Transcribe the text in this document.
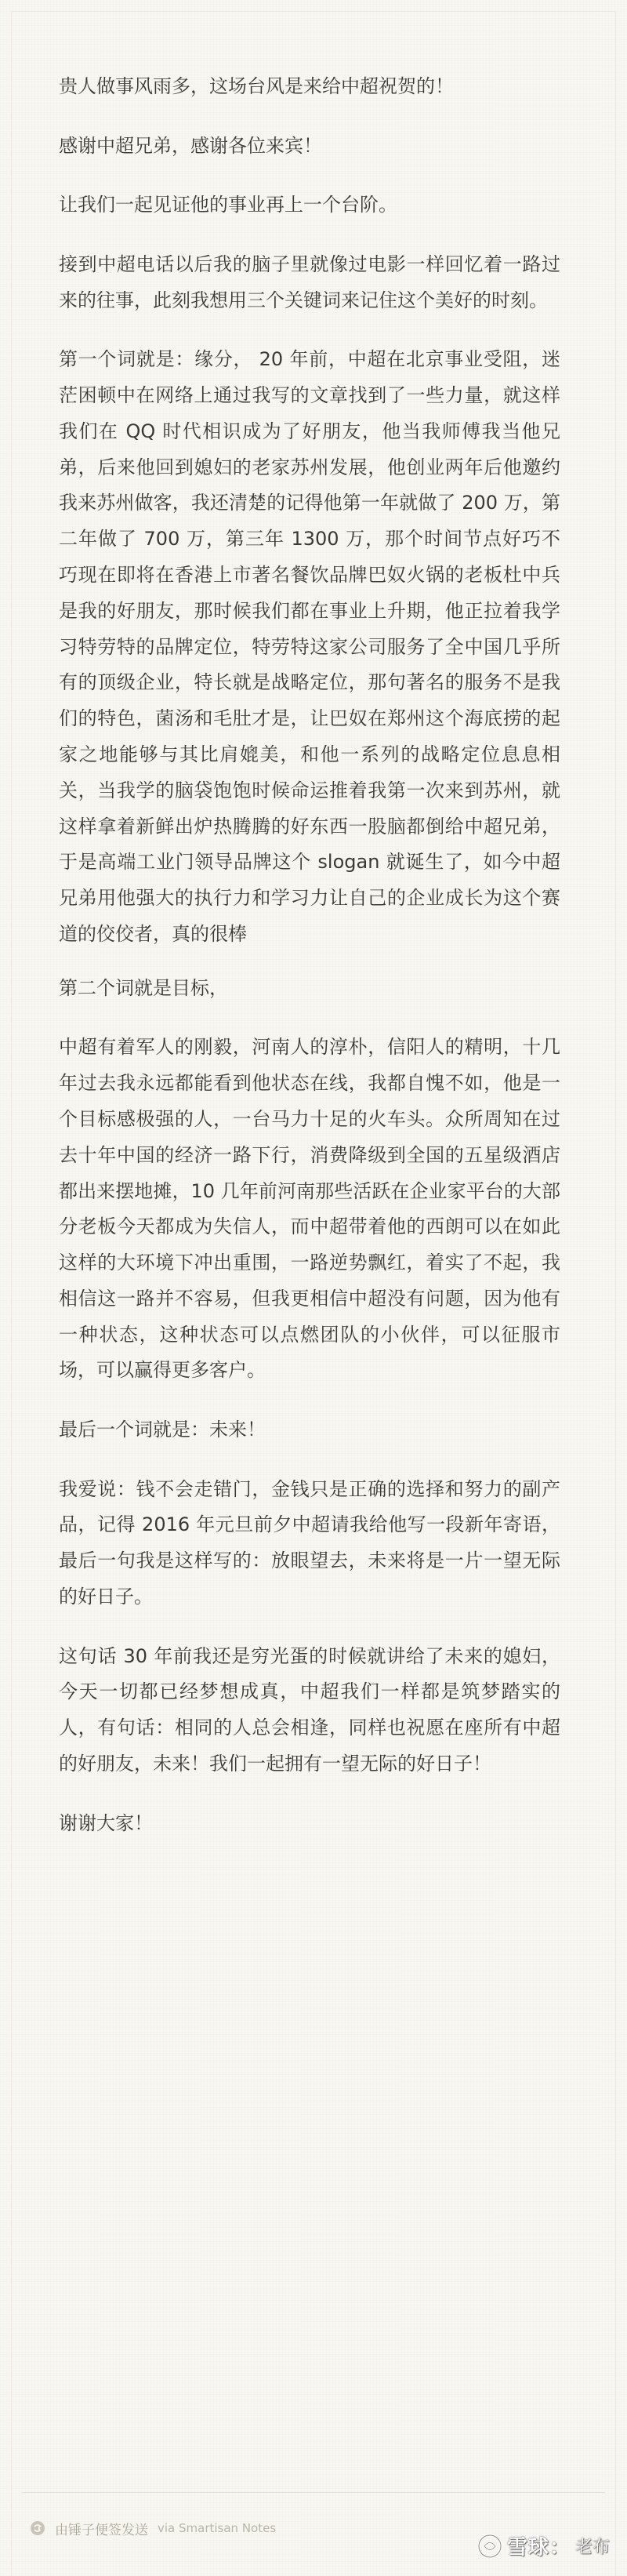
贵人做事风雨多，这场台风是来给中超祝贺的！

感谢中超兄弟，感谢各位来宾！

让我们一起见证他的事业再上一个台阶。

接到中超电话以后我的脑子里就像过电影一样回忆着一路过来的往事，此刻我想用三个关键词来记住这个美好的时刻。

第一个词就是：缘分， 20 年前，中超在北京事业受阻，迷茫困顿中在网络上通过我写的文章找到了一些力量，就这样我们在 QQ 时代相识成为了好朋友，他当我师傅我当他兄弟，后来他回到媳妇的老家苏州发展，他创业两年后他邀约我来苏州做客，我还清楚的记得他第一年就做了 200 万，第二年做了 700 万，第三年 1300 万，那个时间节点好巧不巧现在即将在香港上市著名餐饮品牌巴奴火锅的老板杜中兵是我的好朋友，那时候我们都在事业上升期，他正拉着我学习特劳特的品牌定位，特劳特这家公司服务了全中国几乎所有的顶级企业，特长就是战略定位，那句著名的服务不是我们的特色，菌汤和毛肚才是，让巴奴在郑州这个海底捞的起家之地能够与其比肩媲美，和他一系列的战略定位息息相关，当我学的脑袋饱饱时候命运推着我第一次来到苏州，就这样拿着新鲜出炉热腾腾的好东西一股脑都倒给中超兄弟，于是高端工业门领导品牌这个 slogan 就诞生了，如今中超兄弟用他强大的执行力和学习力让自己的企业成长为这个赛道的佼佼者，真的很棒

第二个词就是目标，

中超有着军人的刚毅，河南人的淳朴，信阳人的精明，十几年过去我永远都能看到他状态在线，我都自愧不如，他是一个目标感极强的人，一台马力十足的火车头。众所周知在过去十年中国的经济一路下行，消费降级到全国的五星级酒店都出来摆地摊，10 几年前河南那些活跃在企业家平台的大部分老板今天都成为失信人，而中超带着他的西朗可以在如此这样的大环境下冲出重围，一路逆势飘红，着实了不起，我相信这一路并不容易，但我更相信中超没有问题，因为他有一种状态，这种状态可以点燃团队的小伙伴，可以征服市场，可以赢得更多客户。

最后一个词就是：未来！

我爱说：钱不会走错门，金钱只是正确的选择和努力的副产品，记得 2016 年元旦前夕中超请我给他写一段新年寄语，最后一句我是这样写的：放眼望去，未来将是一片一望无际的好日子。

这句话 30 年前我还是穷光蛋的时候就讲给了未来的媳妇，今天一切都已经梦想成真，中超我们一样都是筑梦踏实的人，有句话：相同的人总会相逢，同样也祝愿在座所有中超的好朋友，未来！我们一起拥有一望无际的好日子！

谢谢大家！

由锤子便签发送 via Smartisan Notes
雪球： 老布
